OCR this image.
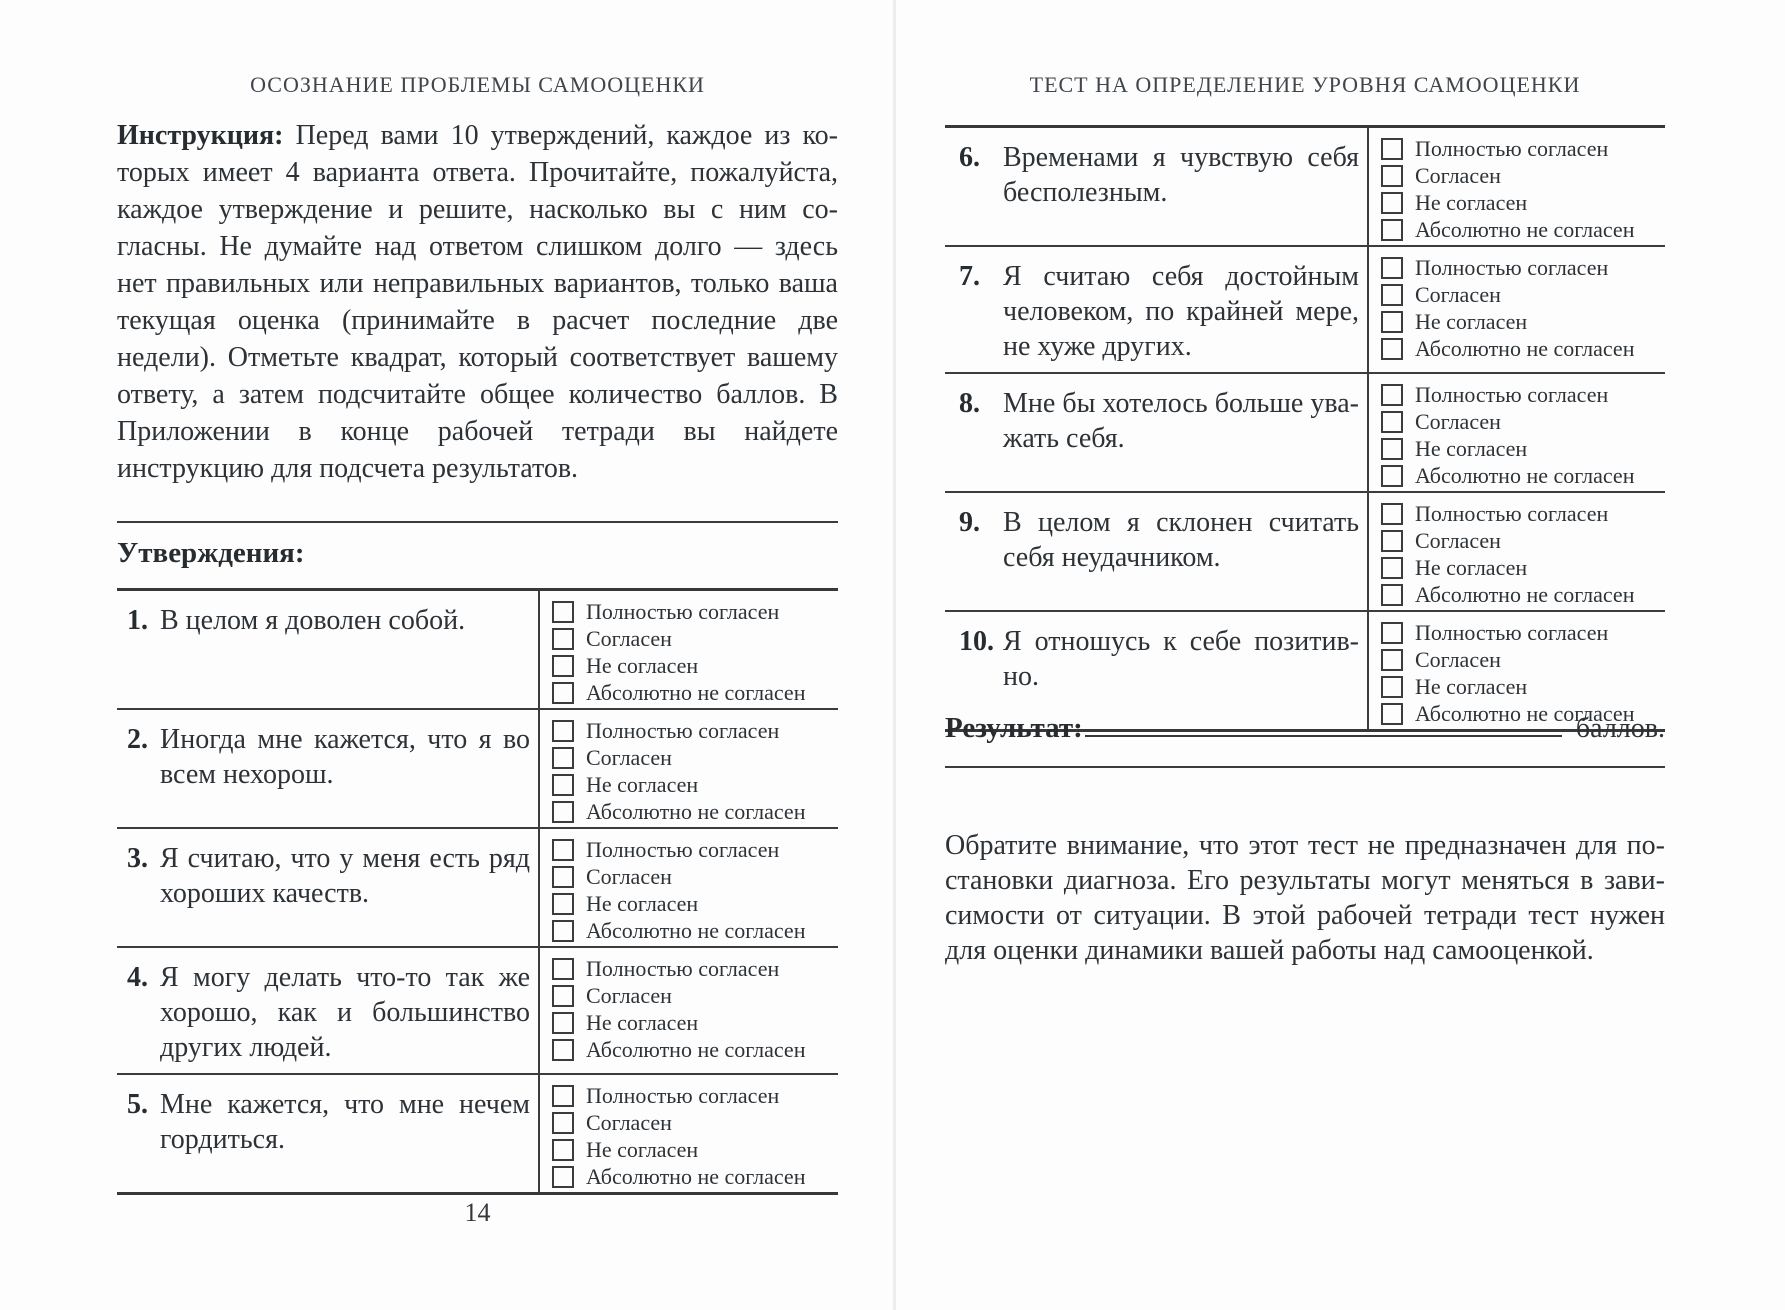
ОСОЗНАНИЕ ПРОБЛЕМЫ САМООЦЕНКИ
Инструкция: Перед вами 10 утверждений, каждое из которых имеет 4 варианта ответа. Прочитайте, пожалуйста, каждое утверждение и решите, насколько вы с ним согласны. Не думайте над ответом слишком долго — здесь нет правильных или неправильных вариантов, только ваша текущая оценка (принимайте в расчет последние две недели). Отметьте квадрат, который соответствует вашему ответу, а затем подсчитайте общее количество баллов. В Приложении в конце рабочей тетради вы найдете инструкцию для подсчета результатов.
Утверждения:
1. В целом я доволен собой.	Полностью согласен
Согласен
Не согласен
Абсолютно не согласен
2. Иногда мне кажется, что я во всем нехорош.
Полностью согласен
Согласен
Не согласен
Абсолютно не согласен
3. Я считаю, что у меня есть ряд хороших качеств.
Полностью согласен
Согласен
Не согласен
Абсолютно не согласен
4. Я могу делать что-то так же хорошо, как и большинство других людей.
Полностью согласен
Согласен
Не согласен
Абсолютно не согласен
5. Мне кажется, что мне нечем гордиться.
Полностью согласен
Согласен
Не согласен
Абсолютно не согласен
14
ТЕСТ НА ОПРЕДЕЛЕНИЕ УРОВНЯ САМООЦЕНКИ
6. Временами я чувствую себя бесполезным.
Полностью согласен
Согласен
Не согласен
Абсолютно не согласен
7. Я считаю себя достойным человеком, по крайней мере, не хуже других.
Полностью согласен
Согласен
Не согласен
Абсолютно не согласен
8. Мне бы хотелось больше уважать себя.
Полностью согласен
Согласен
Не согласен
Абсолютно не согласен
9. В целом я склонен считать себя неудачником.
Полностью согласен
Согласен
Не согласен
Абсолютно не согласен
10. Я отношусь к себе позитивно.
Полностью согласен
Согласен
Не согласен
Абсолютно не согласен
Результат:	баллов.
Обратите внимание, что этот тест не предназначен для постановки диагноза. Его результаты могут меняться в зависимости от ситуации. В этой рабочей тетради тест нужен для оценки динамики вашей работы над самооценкой.
